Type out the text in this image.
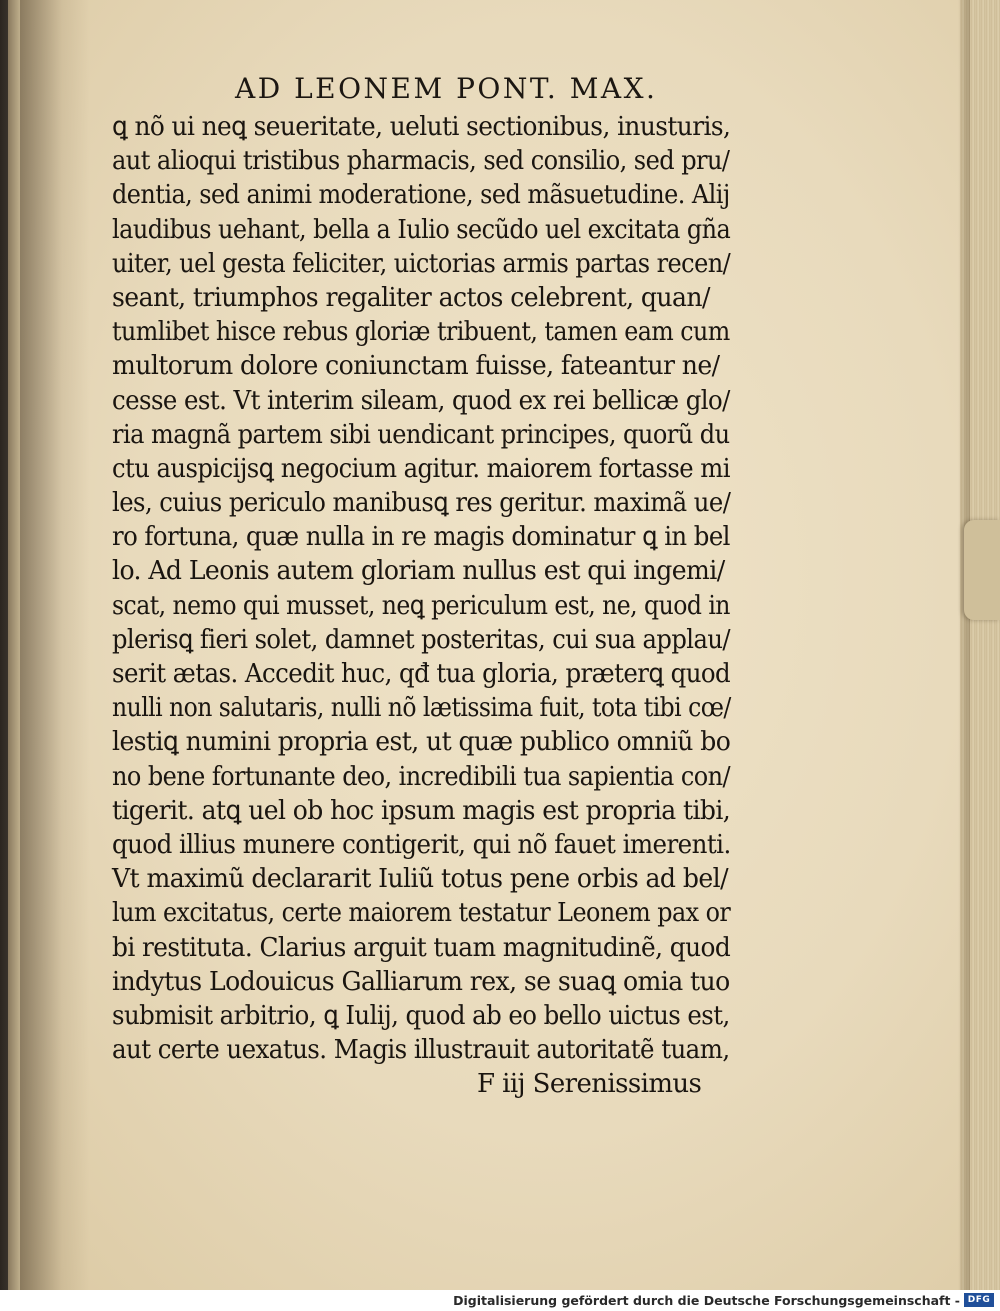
AD LEONEM PONT. MAX.
ꝗ nõ ui neꝗ seueritate, ueluti sectionibus, inusturis,
aut alioqui tristibus pharmacis, sed consilio, sed pru/
dentia, sed animi moderatione, sed mãsuetudine. Alij
laudibus uehant, bella a Iulio secũdo uel excitata gña
uiter, uel gesta feliciter, uictorias armis partas recen/
seant, triumphos regaliter actos celebrent, quan/
tumlibet hisce rebus gloriæ tribuent, tamen eam cum
multorum dolore coniunctam fuisse, fateantur ne/
cesse est. Vt interim sileam, quod ex rei bellicæ glo/
ria magnã partem sibi uendicant principes, quorũ du
ctu auspicijsꝗ negocium agitur. maiorem fortasse mi
les, cuius periculo manibusꝗ res geritur. maximã ue/
ro fortuna, quæ nulla in re magis dominatur ꝗ in bel
lo. Ad Leonis autem gloriam nullus est qui ingemi/
scat, nemo qui musset, neꝗ periculum est, ne, quod in
plerisꝗ fieri solet, damnet posteritas, cui sua applau/
serit ætas. Accedit huc, qđ tua gloria, præterꝗ quod
nulli non salutaris, nulli nõ lætissima fuit, tota tibi cœ/
lestiꝗ numini propria est, ut quæ publico omniũ bo
no bene fortunante deo, incredibili tua sapientia con/
tigerit. atꝗ uel ob hoc ipsum magis est propria tibi,
quod illius munere contigerit, qui nõ fauet imerenti.
Vt maximũ declararit Iuliũ totus pene orbis ad bel/
lum excitatus, certe maiorem testatur Leonem pax or
bi restituta. Clarius arguit tuam magnitudinẽ, quod
indytus Lodouicus Galliarum rex, se suaꝗ omia tuo
submisit arbitrio, ꝗ Iulij, quod ab eo bello uictus est,
aut certe uexatus. Magis illustrauit autoritatẽ tuam,
F iij Serenissimus
Digitalisierung gefördert durch die Deutsche Forschungsgemeinschaft - DFG
